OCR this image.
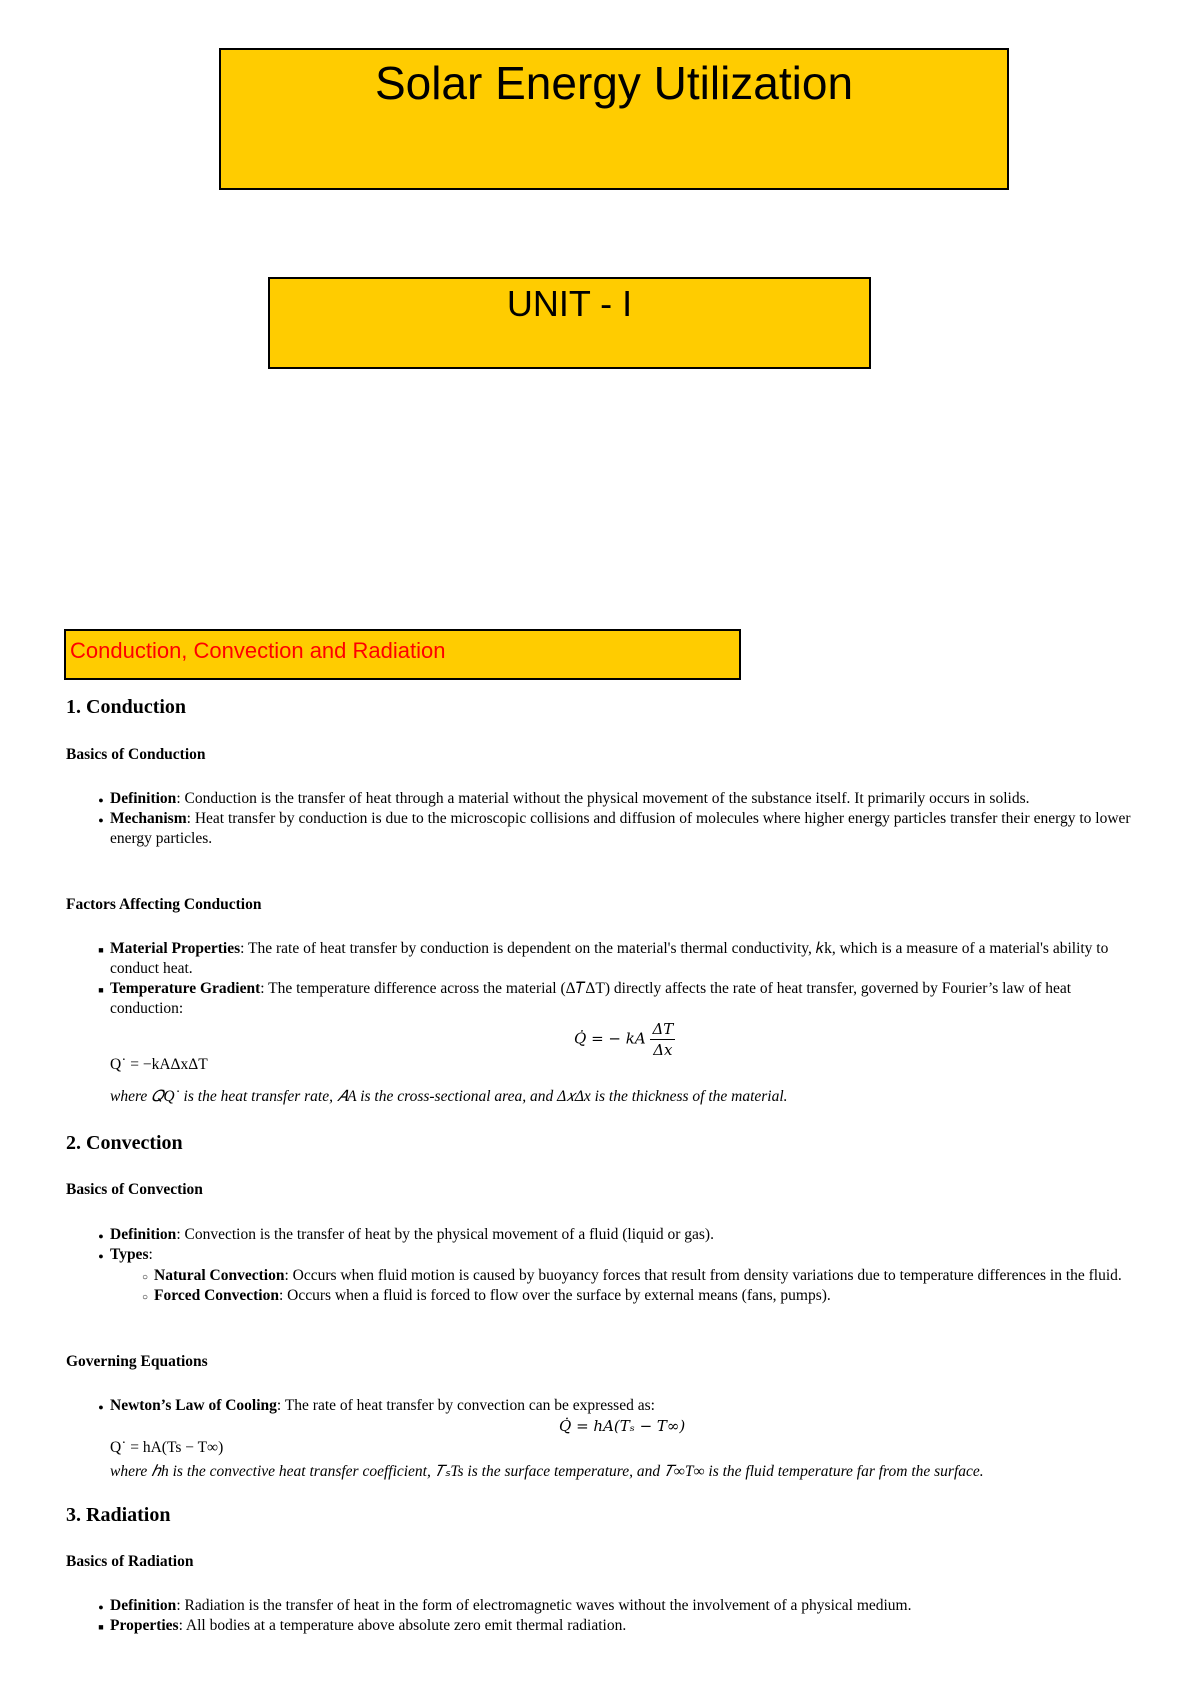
Solar Energy Utilization
UNIT - I
Conduction, Convection and Radiation
1. Conduction
Basics of Conduction
●
Definition: Conduction is the transfer of heat through a material without the physical movement of the substance itself. It primarily occurs in solids.
●
Mechanism: Heat transfer by conduction is due to the microscopic collisions and diffusion of molecules where higher energy particles transfer their energy to lower energy particles.
Factors Affecting Conduction
■
Material Properties: The rate of heat transfer by conduction is dependent on the material's thermal conductivity, 𝑘k, which is a measure of a material's ability to conduct heat.
■
Temperature Gradient: The temperature difference across the material (Δ𝑇ΔT) directly affects the rate of heat transfer, governed by Fourier’s law of heat conduction:
Q̇ = − kA $\frac{\Delta T}{\Delta x}$
Q˙ = −kAΔxΔT
where 𝑄̇Q˙ is the heat transfer rate, 𝐴A is the cross-sectional area, and Δ𝑥Δx is the thickness of the material.
2. Convection
Basics of Convection
●
Definition: Convection is the transfer of heat by the physical movement of a fluid (liquid or gas).
●
Types:
○
Natural Convection: Occurs when fluid motion is caused by buoyancy forces that result from density variations due to temperature differences in the fluid.
○
Forced Convection: Occurs when a fluid is forced to flow over the surface by external means (fans, pumps).
Governing Equations
●
Newton’s Law of Cooling: The rate of heat transfer by convection can be expressed as:
Q̇ = hA(Tₛ − T∞)
Q˙ = hA(Ts − T∞)
where ℎh is the convective heat transfer coefficient, 𝑇ₛTs is the surface temperature, and 𝑇∞T∞ is the fluid temperature far from the surface.
3. Radiation
Basics of Radiation
●
Definition: Radiation is the transfer of heat in the form of electromagnetic waves without the involvement of a physical medium.
■
Properties: All bodies at a temperature above absolute zero emit thermal radiation.
